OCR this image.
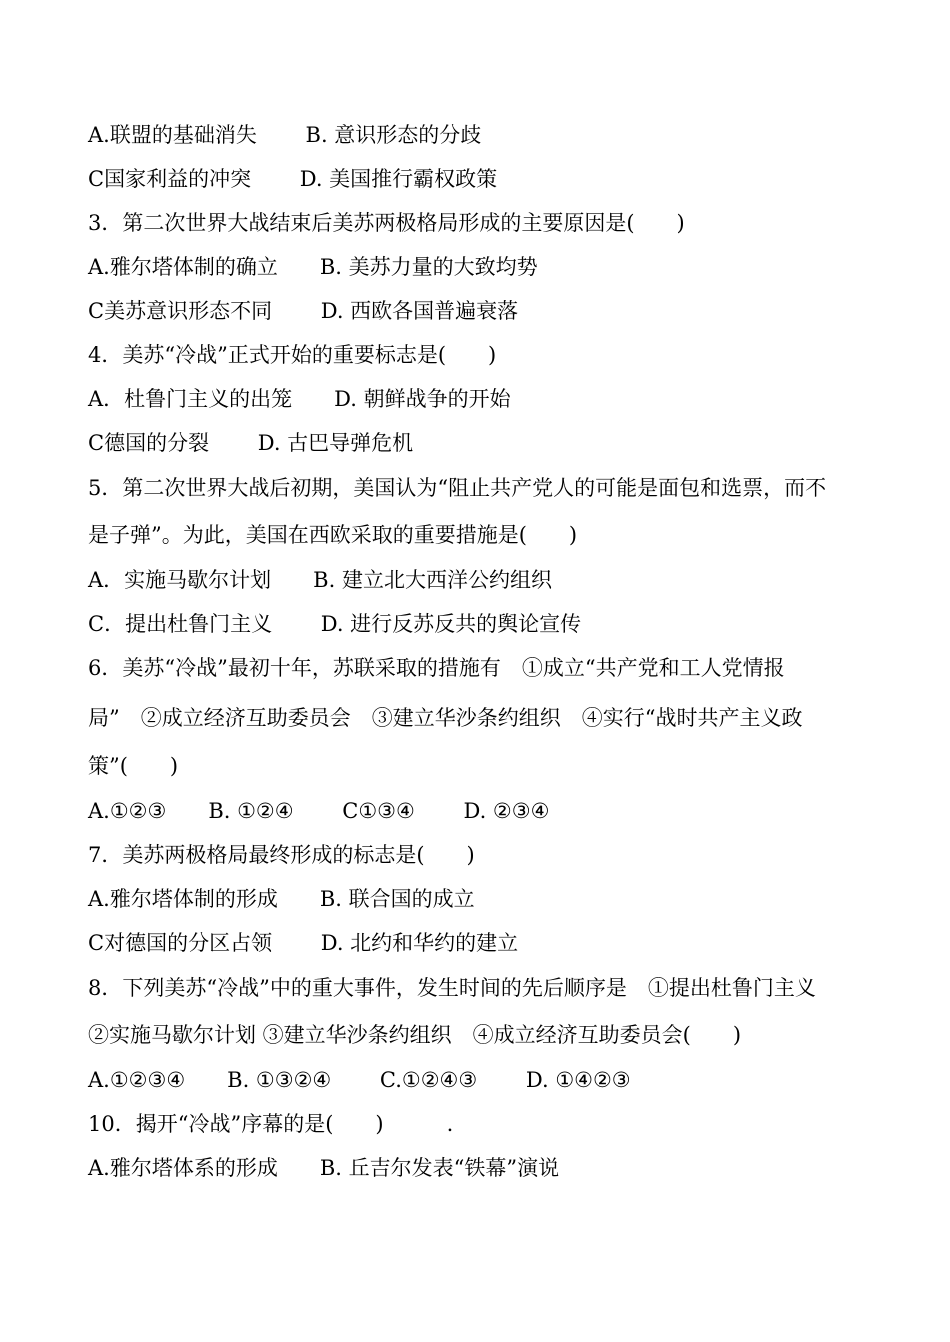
A.联盟的基础消失　　 B. 意识形态的分歧
C国家利益的冲突　　 D. 美国推行霸权政策
3．第二次世界大战结束后美苏两极格局形成的主要原因是(　　)
A.雅尔塔体制的确立　　B. 美苏力量的大致均势
C美苏意识形态不同　　 D. 西欧各国普遍衰落
4．美苏“冷战”正式开始的重要标志是(　　)
A．杜鲁门主义的出笼　　D. 朝鲜战争的开始
C德国的分裂　　 D. 古巴导弹危机
5．第二次世界大战后初期，美国认为“阻止共产党人的可能是面包和选票，而不
是子弹”。为此，美国在西欧采取的重要措施是(　　)
A．实施马歇尔计划　　B. 建立北大西洋公约组织
C．提出杜鲁门主义　　 D. 进行反苏反共的舆论宣传
6．美苏“冷战”最初十年，苏联采取的措施有　①成立“共产党和工人党情报
局”　②成立经济互助委员会　③建立华沙条约组织　④实行“战时共产主义政
策”(　　)
A.①②③　　B. ①②④　　 C①③④　　 D. ②③④
7．美苏两极格局最终形成的标志是(　　)
A.雅尔塔体制的形成　　B. 联合国的成立
C对德国的分区占领　　 D. 北约和华约的建立
8．下列美苏“冷战”中的重大事件，发生时间的先后顺序是　①提出杜鲁门主义
②实施马歇尔计划 ③建立华沙条约组织　④成立经济互助委员会(　　)
A.①②③④　　B. ①③②④　　 C.①②④③　　 D. ①④②③
10．揭开“冷战”序幕的是(　　)　　　.
A.雅尔塔体系的形成　　B. 丘吉尔发表“铁幕”演说
